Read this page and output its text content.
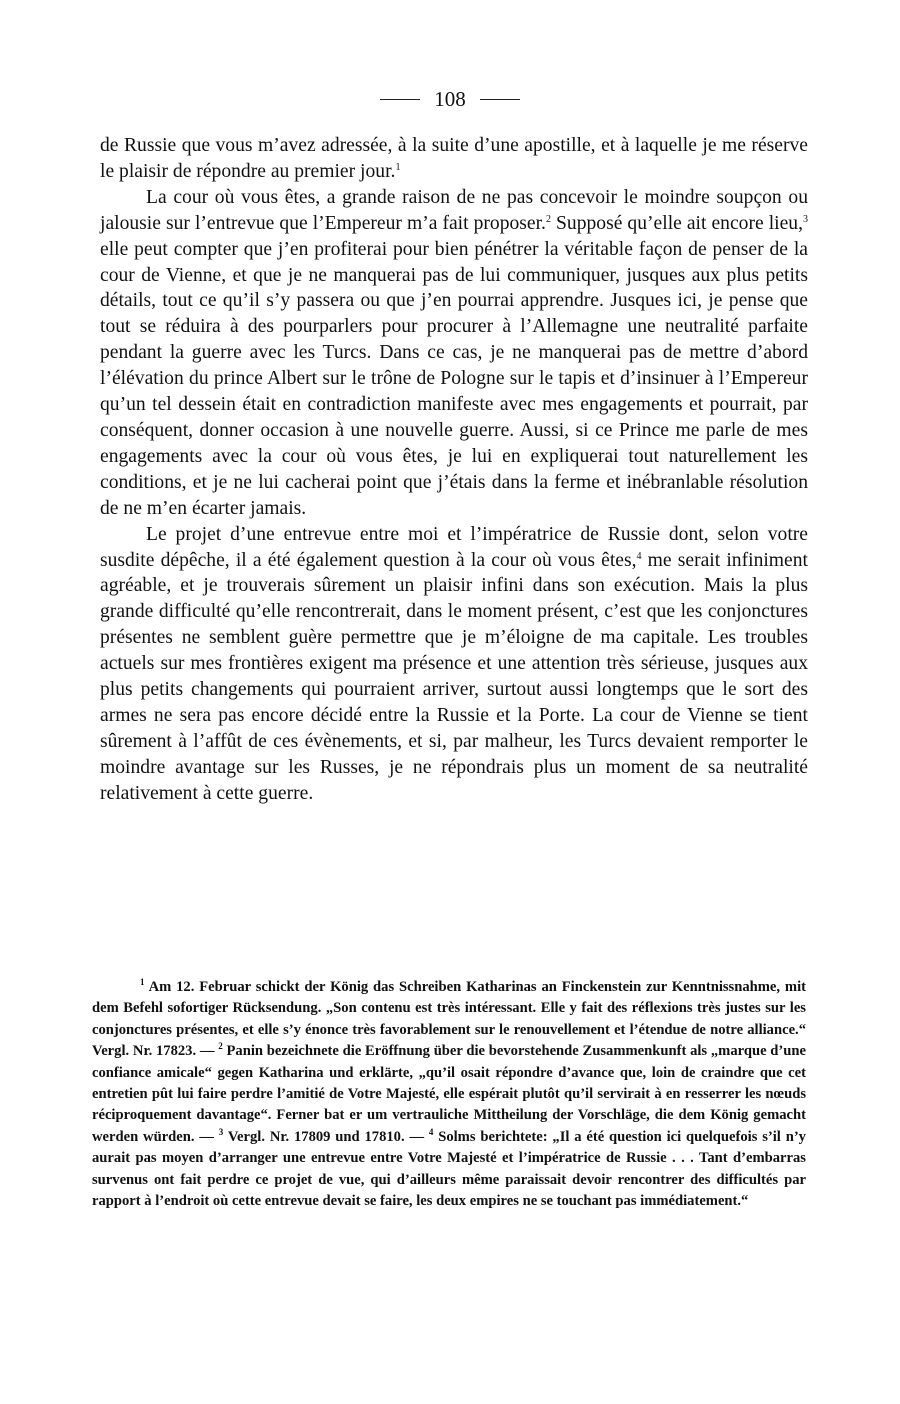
108

de Russie que vous m’avez adressée, à la suite d’une apostille, et à laquelle je me réserve le plaisir de répondre au premier jour.$^1$

La cour où vous êtes, a grande raison de ne pas concevoir le moindre soupçon ou jalousie sur l’entrevue que l’Empereur m’a fait proposer.$^2$ Supposé qu’elle ait encore lieu,$^3$ elle peut compter que j’en profiterai pour bien pénétrer la véritable façon de penser de la cour de Vienne, et que je ne manquerai pas de lui communiquer, jusques aux plus petits détails, tout ce qu’il s’y passera ou que j’en pourrai apprendre. Jusques ici, je pense que tout se réduira à des pourparlers pour procurer à l’Allemagne une neutralité parfaite pendant la guerre avec les Turcs. Dans ce cas, je ne manquerai pas de mettre d’abord l’élévation du prince Albert sur le trône de Pologne sur le tapis et d’insinuer à l’Empereur qu’un tel dessein était en contradiction manifeste avec mes engagements et pourrait, par conséquent, donner occasion à une nouvelle guerre. Aussi, si ce Prince me parle de mes engagements avec la cour où vous êtes, je lui en expliquerai tout naturellement les conditions, et je ne lui cacherai point que j’étais dans la ferme et inébranlable résolution de ne m’en écarter jamais.

Le projet d’une entrevue entre moi et l’impératrice de Russie dont, selon votre susdite dépêche, il a été également question à la cour où vous êtes,$^4$ me serait infiniment agréable, et je trouverais sûrement un plaisir infini dans son exécution. Mais la plus grande difficulté qu’elle rencontrerait, dans le moment présent, c’est que les conjonctures présentes ne semblent guère permettre que je m’éloigne de ma capitale. Les troubles actuels sur mes frontières exigent ma présence et une attention très sérieuse, jusques aux plus petits changements qui pourraient arriver, surtout aussi longtemps que le sort des armes ne sera pas encore décidé entre la Russie et la Porte. La cour de Vienne se tient sûrement à l’affût de ces évènements, et si, par malheur, les Turcs devaient remporter le moindre avantage sur les Russes, je ne répondrais plus un moment de sa neutralité relativement à cette guerre.

$^1$ Am 12. Februar schickt der König das Schreiben Katharinas an Finckenstein zur Kenntnissnahme, mit dem Befehl sofortiger Rücksendung. „Son contenu est très intéressant. Elle y fait des réflexions très justes sur les conjonctures présentes, et elle s’y énonce très favorablement sur le renouvellement et l’étendue de notre alliance.“ Vergl. Nr. 17823. — $^2$ Panin bezeichnete die Eröffnung über die bevorstehende Zusammenkunft als „marque d’une confiance amicale“ gegen Katharina und erklärte, „qu’il osait répondre d’avance que, loin de craindre que cet entretien pût lui faire perdre l’amitié de Votre Majesté, elle espérait plutôt qu’il servirait à en resserrer les nœuds réciproquement davantage“. Ferner bat er um vertrauliche Mittheilung der Vorschläge, die dem König gemacht werden würden. — $^3$ Vergl. Nr. 17809 und 17810. — $^4$ Solms berichtete: „Il a été question ici quelquefois s’il n’y aurait pas moyen d’arranger une entrevue entre Votre Majesté et l’impératrice de Russie . . . Tant d’embarras survenus ont fait perdre ce projet de vue, qui d’ailleurs même paraissait devoir rencontrer des difficultés par rapport à l’endroit où cette entrevue devait se faire, les deux empires ne se touchant pas immédiatement.“
